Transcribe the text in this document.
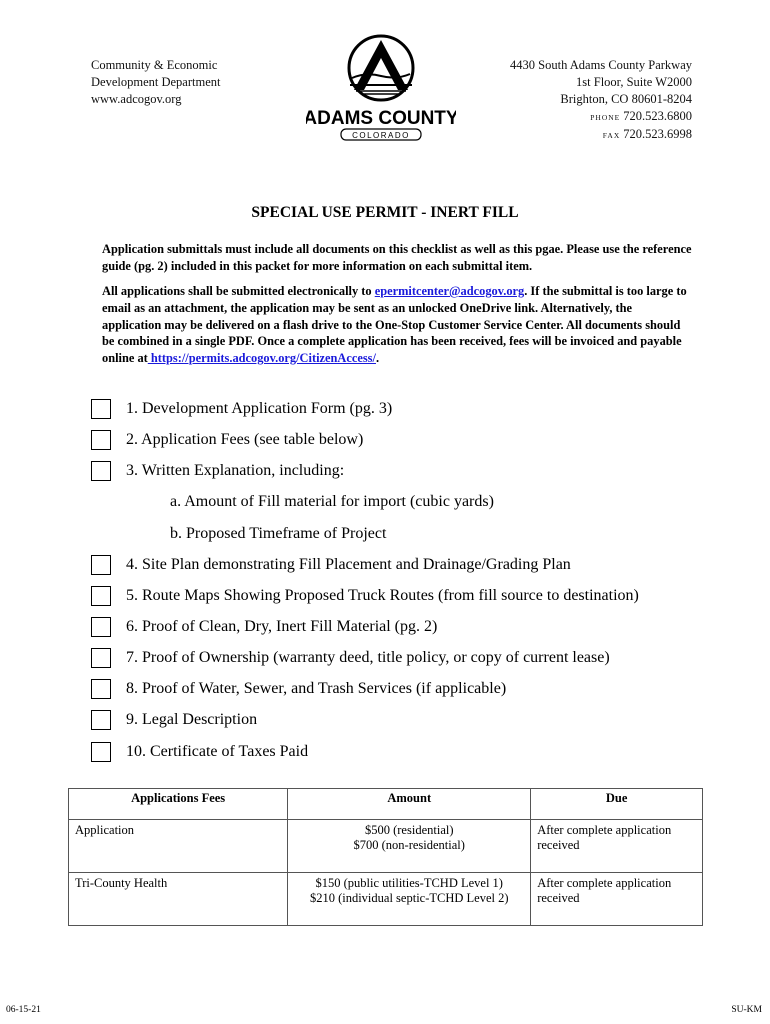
Community & Economic
Development Department
www.adcogov.org
ADAMS COUNTY
COLORADO
4430 South Adams County Parkway
1st Floor, Suite W2000
Brighton, CO 80601-8204
PHONE 720.523.6800
FAX 720.523.6998
SPECIAL USE PERMIT - INERT FILL
Application submittals must include all documents on this checklist as well as this pgae. Please use the reference guide (pg. 2) included in this packet for more information on each submittal item.
All applications shall be submitted electronically to epermitcenter@adcogov.org. If the submittal is too large to email as an attachment, the application may be sent as an unlocked OneDrive link. Alternatively, the application may be delivered on a flash drive to the One-Stop Customer Service Center. All documents should be combined in a single PDF. Once a complete application has been received, fees will be invoiced and payable online at https://permits.adcogov.org/CitizenAccess/.
1. Development Application Form (pg. 3)
2. Application Fees (see table below)
3. Written Explanation, including:
a. Amount of Fill material for import (cubic yards)
b. Proposed Timeframe of Project
4. Site Plan demonstrating Fill Placement and Drainage/Grading Plan
5. Route Maps Showing Proposed Truck Routes (from fill source to destination)
6. Proof of Clean, Dry, Inert Fill Material (pg. 2)
7. Proof of Ownership (warranty deed, title policy, or copy of current lease)
8. Proof of Water, Sewer, and Trash Services (if applicable)
9. Legal Description
10. Certificate of Taxes Paid
Applications Fees	Amount	Due
Application	$500 (residential)
$700 (non-residential)	After complete application received
Tri-County Health	$150 (public utilities-TCHD Level 1)
$210 (individual septic-TCHD Level 2)	After complete application received
06-15-21	SU-KM
